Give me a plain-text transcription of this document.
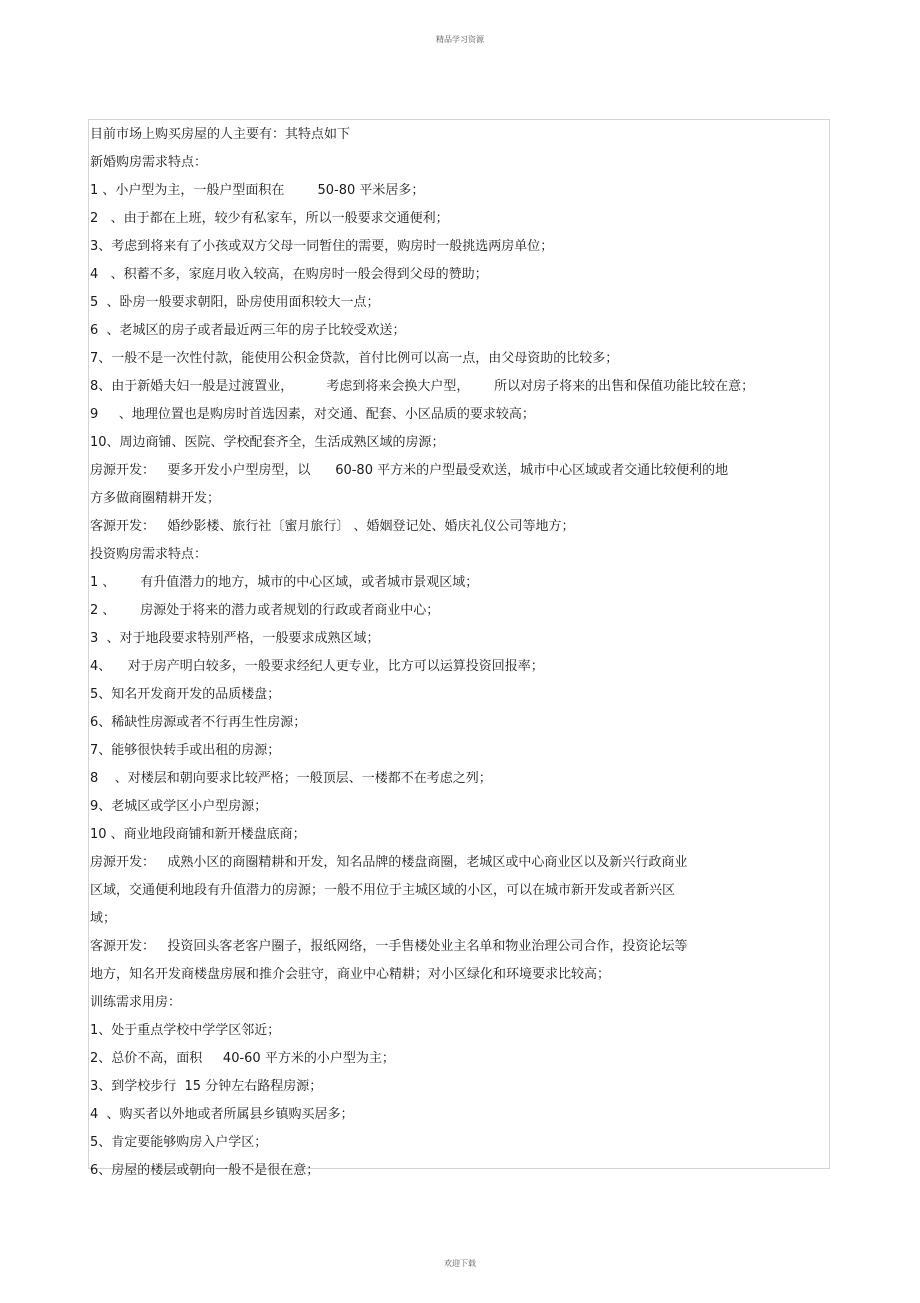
精品学习资源
目前市场上购买房屋的人主要有：其特点如下
新婚购房需求特点：
1 、小户型为主，一般户型面积在        50-80 平米居多；
2   、由于都在上班，较少有私家车，所以一般要求交通便利；
3、考虑到将来有了小孩或双方父母一同暂住的需要，购房时一般挑选两房单位；
4   、积蓄不多，家庭月收入较高，在购房时一般会得到父母的赞助；
5  、卧房一般要求朝阳，卧房使用面积较大一点；
6  、老城区的房子或者最近两三年的房子比较受欢送；
7、一般不是一次性付款，能使用公积金贷款，首付比例可以高一点，由父母资助的比较多；
8、由于新婚夫妇一般是过渡置业，        考虑到将来会换大户型，      所以对房子将来的出售和保值功能比较在意；
9     、地理位置也是购房时首选因素，对交通、配套、小区品质的要求较高；
10、周边商铺、医院、学校配套齐全，生活成熟区域的房源；
房源开发：   要多开发小户型房型，以      60-80 平方米的户型最受欢送，城市中心区域或者交通比较便利的地
方多做商圈精耕开发；
客源开发：   婚纱影楼、旅行社〔蜜月旅行〕 、婚姻登记处、婚庆礼仪公司等地方；
投资购房需求特点：
1 、      有升值潜力的地方，城市的中心区域，或者城市景观区域；
2 、      房源处于将来的潜力或者规划的行政或者商业中心；
3  、对于地段要求特别严格，一般要求成熟区域；
4、    对于房产明白较多，一般要求经纪人更专业，比方可以运算投资回报率；
5、知名开发商开发的品质楼盘；
6、稀缺性房源或者不行再生性房源；
7、能够很快转手或出租的房源；
8    、对楼层和朝向要求比较严格；一般顶层、一楼都不在考虑之列；
9、老城区或学区小户型房源；
10 、商业地段商铺和新开楼盘底商；
房源开发：   成熟小区的商圈精耕和开发，知名品牌的楼盘商圈，老城区或中心商业区以及新兴行政商业
区域，交通便利地段有升值潜力的房源；一般不用位于主城区域的小区，可以在城市新开发或者新兴区
域；
客源开发：   投资回头客老客户圈子，报纸网络，一手售楼处业主名单和物业治理公司合作，投资论坛等
地方，知名开发商楼盘房展和推介会驻守，商业中心精耕；对小区绿化和环境要求比较高；
训练需求用房：
1、处于重点学校中学学区邻近；
2、总价不高，面积     40-60 平方米的小户型为主；
3、到学校步行  15 分钟左右路程房源；
4  、购买者以外地或者所属县乡镇购买居多；
5、肯定要能够购房入户学区；
6、房屋的楼层或朝向一般不是很在意；
欢迎下载
